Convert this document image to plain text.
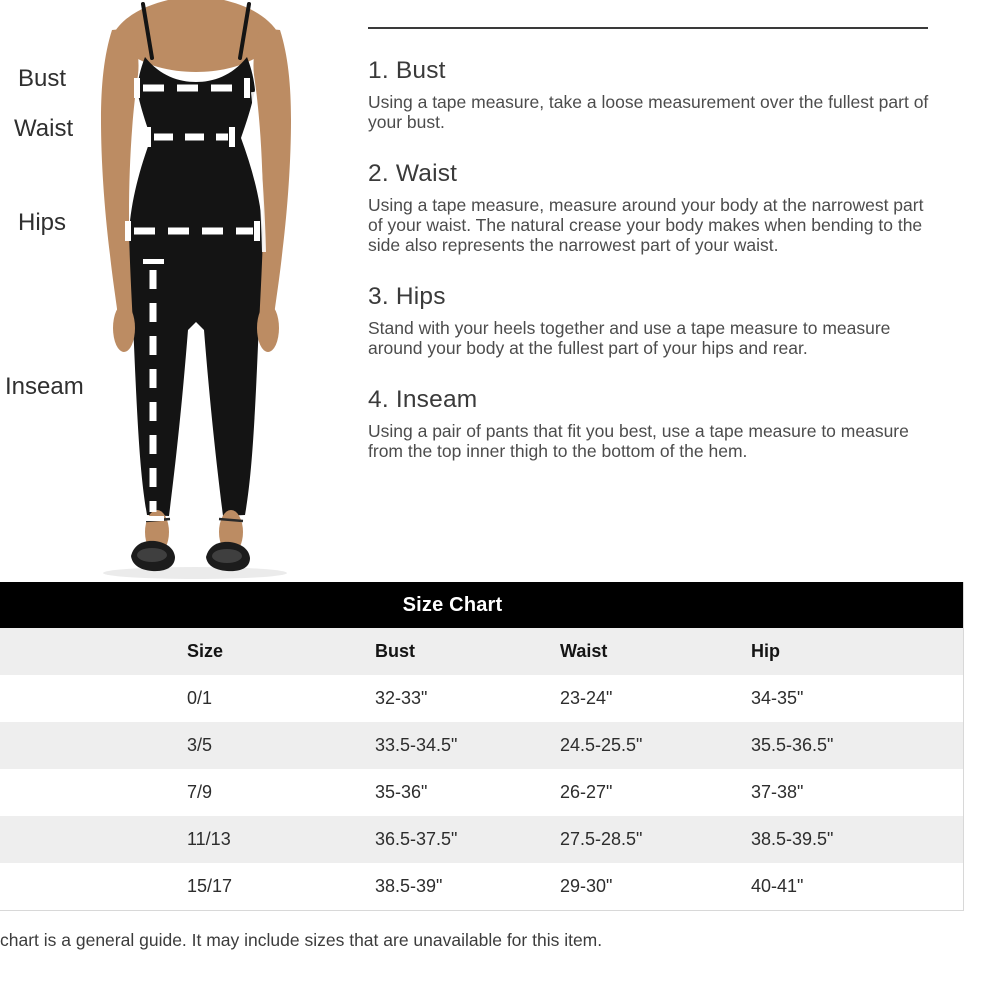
Bust
Waist
Hips
Inseam
1. Bust

Using a tape measure, take a loose measurement over the fullest part of your bust.

2. Waist

Using a tape measure, measure around your body at the narrowest part of your waist. The natural crease your body makes when bending to the side also represents the narrowest part of your waist.

3. Hips

Stand with your heels together and use a tape measure to measure around your body at the fullest part of your hips and rear.

4. Inseam

Using a pair of pants that fit you best, use a tape measure to measure from the top inner thigh to the bottom of the hem.

Size Chart
Size	Bust	Waist	Hip
0/1	32-33"	23-24"	34-35"
3/5	33.5-34.5"	24.5-25.5"	35.5-36.5"
7/9	35-36"	26-27"	37-38"
11/13	36.5-37.5"	27.5-28.5"	38.5-39.5"
15/17	38.5-39"	29-30"	40-41"

chart is a general guide. It may include sizes that are unavailable for this item.
